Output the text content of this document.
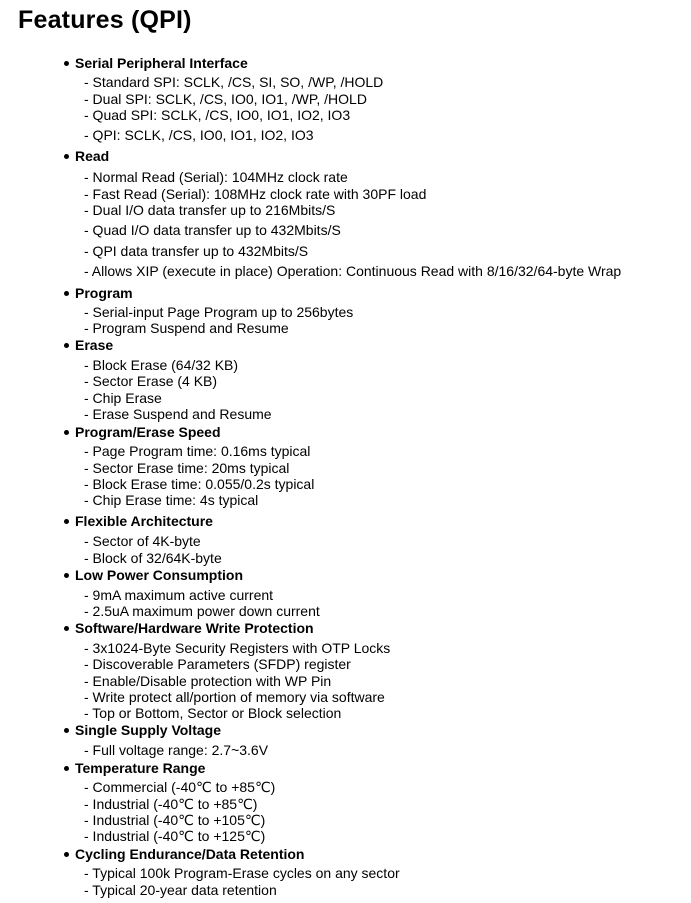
Features (QPI)
Serial Peripheral Interface
- Standard SPI: SCLK, /CS, SI, SO, /WP, /HOLD
- Dual SPI: SCLK, /CS, IO0, IO1, /WP, /HOLD
- Quad SPI: SCLK, /CS, IO0, IO1, IO2, IO3
- QPI: SCLK, /CS, IO0, IO1, IO2, IO3
Read
- Normal Read (Serial): 104MHz clock rate
- Fast Read (Serial): 108MHz clock rate with 30PF load
- Dual I/O data transfer up to 216Mbits/S
- Quad I/O data transfer up to 432Mbits/S
- QPI data transfer up to 432Mbits/S
- Allows XIP (execute in place) Operation: Continuous Read with 8/16/32/64-byte Wrap
Program
- Serial-input Page Program up to 256bytes
- Program Suspend and Resume
Erase
- Block Erase (64/32 KB)
- Sector Erase (4 KB)
- Chip Erase
- Erase Suspend and Resume
Program/Erase Speed
- Page Program time: 0.16ms typical
- Sector Erase time: 20ms typical
- Block Erase time: 0.055/0.2s typical
- Chip Erase time: 4s typical
Flexible Architecture
- Sector of 4K-byte
- Block of 32/64K-byte
Low Power Consumption
- 9mA maximum active current
- 2.5uA maximum power down current
Software/Hardware Write Protection
- 3x1024-Byte Security Registers with OTP Locks
- Discoverable Parameters (SFDP) register
- Enable/Disable protection with WP Pin
- Write protect all/portion of memory via software
- Top or Bottom, Sector or Block selection
Single Supply Voltage
- Full voltage range: 2.7~3.6V
Temperature Range
- Commercial (-40℃ to +85℃)
- Industrial (-40℃ to +85℃)
- Industrial (-40℃ to +105℃)
- Industrial (-40℃ to +125℃)
Cycling Endurance/Data Retention
- Typical 100k Program-Erase cycles on any sector
- Typical 20-year data retention
